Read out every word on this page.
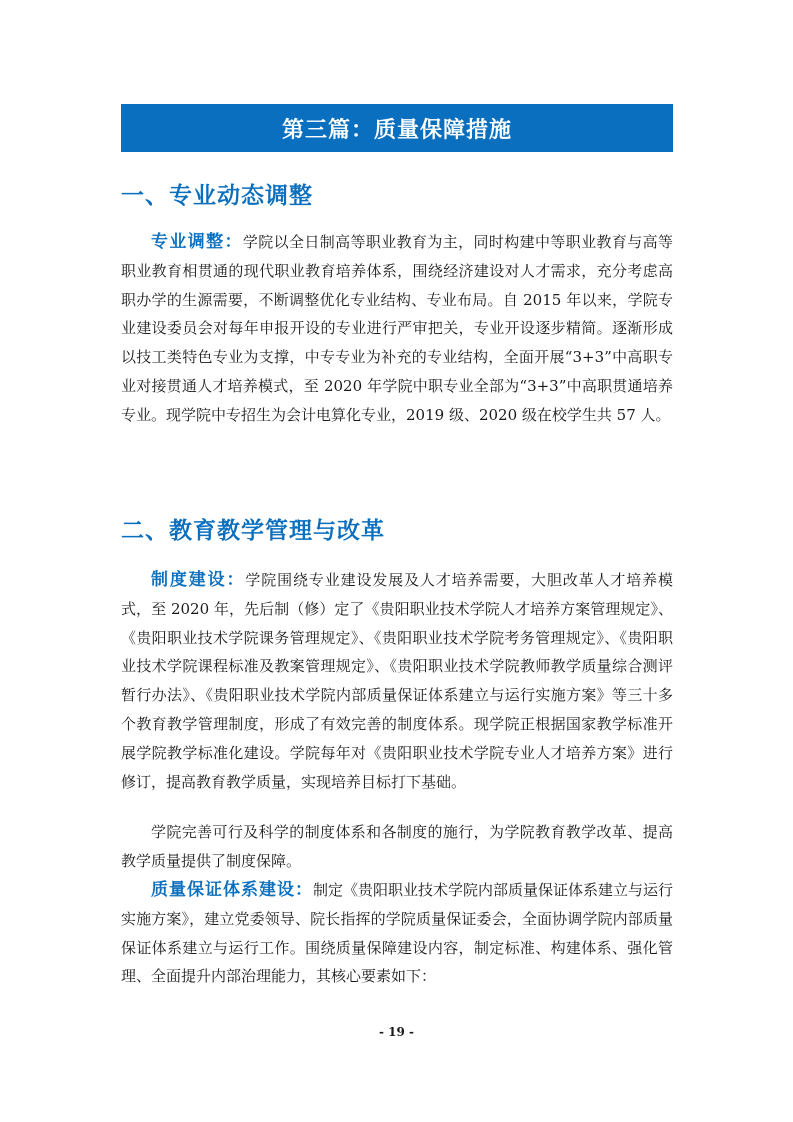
第三篇：质量保障措施
一、专业动态调整
专业调整：学院以全日制高等职业教育为主，同时构建中等职业教育与高等职业教育相贯通的现代职业教育培养体系，围绕经济建设对人才需求，充分考虑高职办学的生源需要，不断调整优化专业结构、专业布局。自 2015 年以来，学院专业建设委员会对每年申报开设的专业进行严审把关，专业开设逐步精简。逐渐形成以技工类特色专业为支撑，中专专业为补充的专业结构，全面开展“3+3”中高职专业对接贯通人才培养模式，至 2020 年学院中职专业全部为“3+3”中高职贯通培养专业。现学院中专招生为会计电算化专业，2019 级、2020 级在校学生共 57 人。
二、教育教学管理与改革
制度建设：学院围绕专业建设发展及人才培养需要，大胆改革人才培养模式，至 2020 年，先后制（修）定了《贵阳职业技术学院人才培养方案管理规定》、《贵阳职业技术学院课务管理规定》、《贵阳职业技术学院考务管理规定》、《贵阳职业技术学院课程标准及教案管理规定》、《贵阳职业技术学院教师教学质量综合测评暂行办法》、《贵阳职业技术学院内部质量保证体系建立与运行实施方案》等三十多个教育教学管理制度，形成了有效完善的制度体系。现学院正根据国家教学标准开展学院教学标准化建设。学院每年对《贵阳职业技术学院专业人才培养方案》进行修订，提高教育教学质量，实现培养目标打下基础。
学院完善可行及科学的制度体系和各制度的施行，为学院教育教学改革、提高教学质量提供了制度保障。
质量保证体系建设：制定《贵阳职业技术学院内部质量保证体系建立与运行实施方案》，建立党委领导、院长指挥的学院质量保证委会，全面协调学院内部质量保证体系建立与运行工作。围绕质量保障建设内容，制定标准、构建体系、强化管理、全面提升内部治理能力，其核心要素如下：
- 19 -
